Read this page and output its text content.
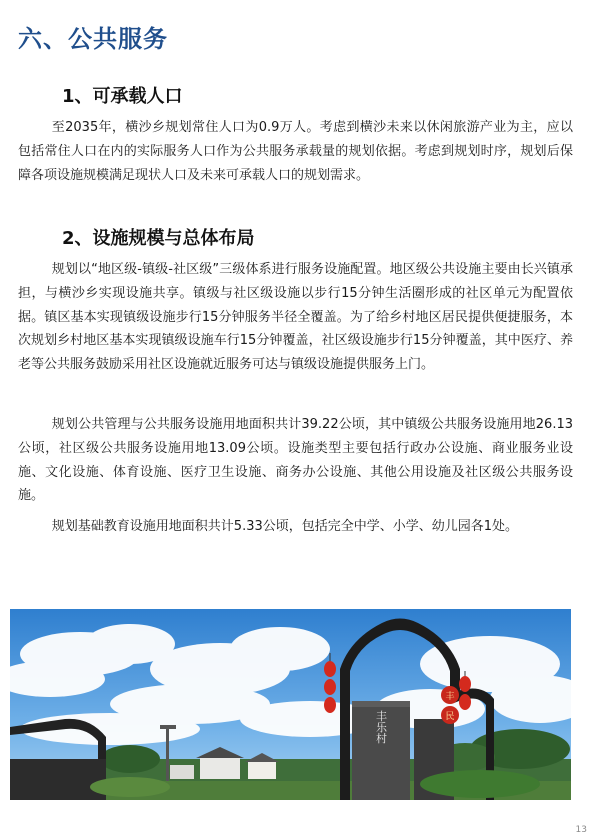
六、公共服务
1、可承载人口

至2035年，横沙乡规划常住人口为0.9万人。考虑到横沙未来以休闲旅游产业为主，应以包括常住人口在内的实际服务人口作为公共服务承载量的规划依据。考虑到规划时序，规划后保障各项设施规模满足现状人口及未来可承载人口的规划需求。

2、设施规模与总体布局

规划以“地区级-镇级-社区级”三级体系进行服务设施配置。地区级公共设施主要由长兴镇承担，与横沙乡实现设施共享。镇级与社区级设施以步行15分钟生活圈形成的社区单元为配置依据。镇区基本实现镇级设施步行15分钟服务半径全覆盖。为了给乡村地区居民提供便捷服务，本次规划乡村地区基本实现镇级设施车行15分钟覆盖，社区级设施步行15分钟覆盖，其中医疗、养老等公共服务鼓励采用社区设施就近服务可达与镇级设施提供服务上门。

规划公共管理与公共服务设施用地面积共计39.22公顷，其中镇级公共服务设施用地26.13公顷，社区级公共服务设施用地13.09公顷。设施类型主要包括行政办公设施、商业服务业设施、文化设施、体育设施、医疗卫生设施、商务办公设施、其他公用设施及社区级公共服务设施。

规划基础教育设施用地面积共计5.33公顷，包括完全中学、小学、幼儿园各1处。

丰乐村
丰
民
13
